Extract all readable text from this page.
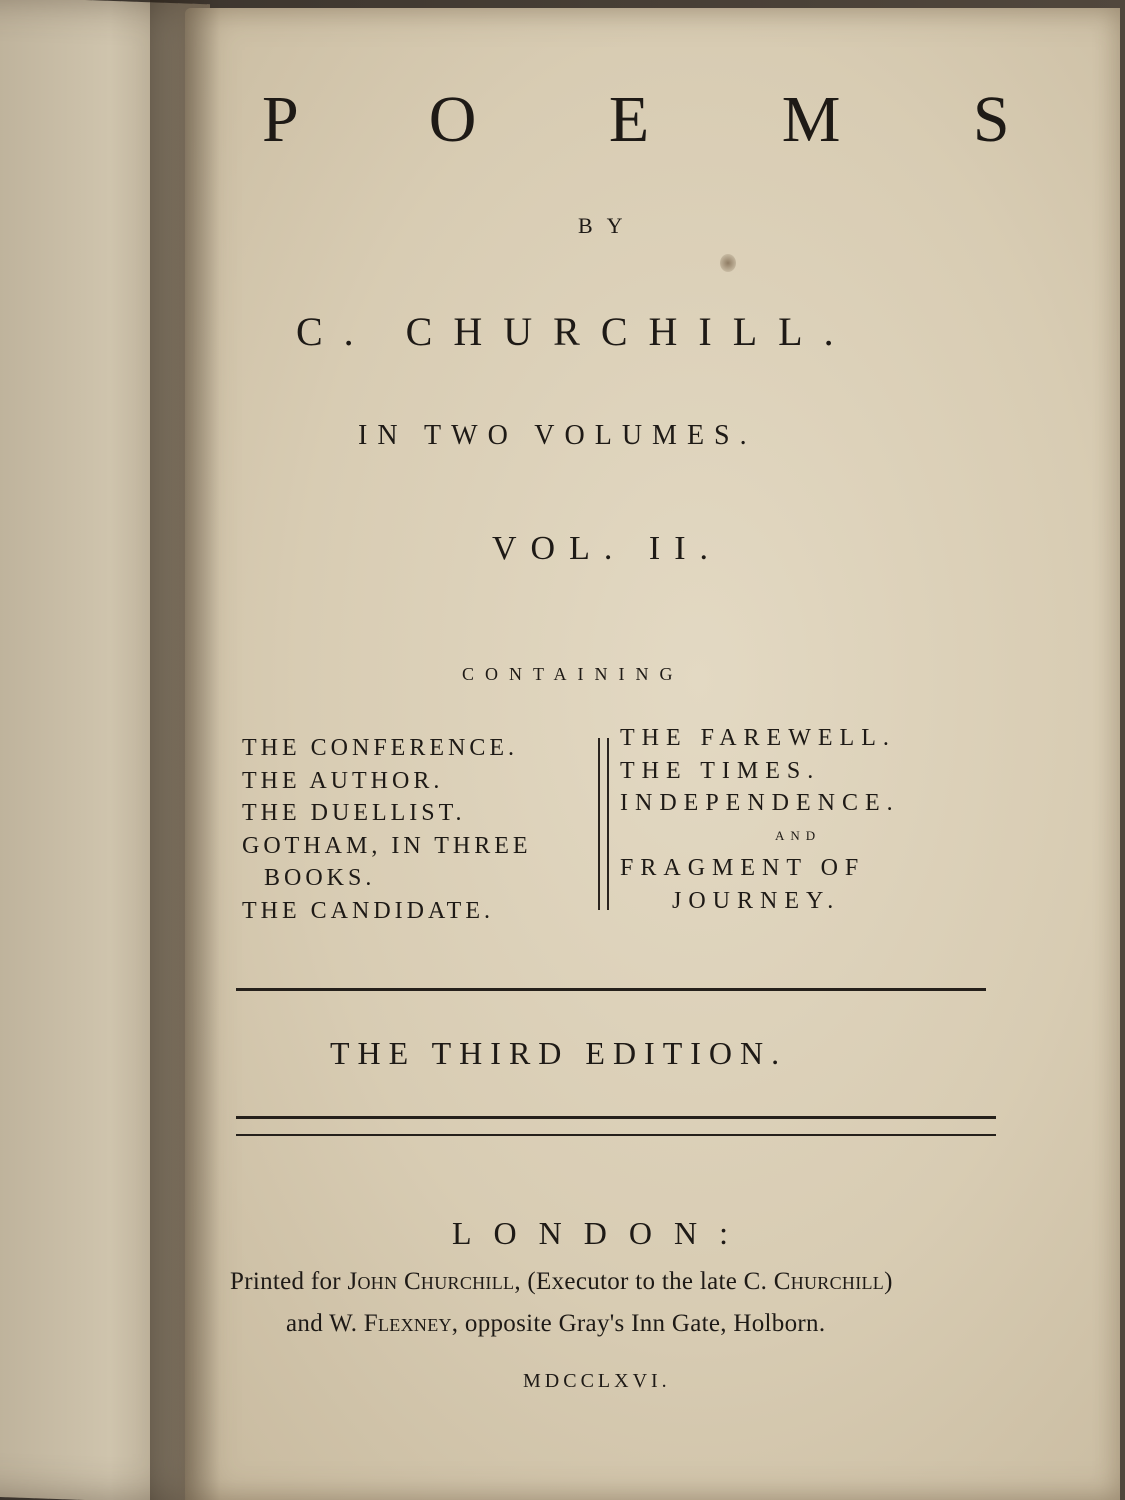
P O E M S
BY
C. CHURCHILL.
IN TWO VOLUMES.
VOL. II.
CONTAINING
THE CONFERENCE.
THE AUTHOR.
THE DUELLIST.
GOTHAM, IN THREE
BOOKS.
THE CANDIDATE.
THE FAREWELL.
THE TIMES.
INDEPENDENCE.
AND
FRAGMENT OF
JOURNEY.
THE THIRD EDITION.
LONDON:
Printed for John Churchill, (Executor to the late C. Churchill)
and W. Flexney, opposite Gray's Inn Gate, Holborn.
MDCCLXVI.
